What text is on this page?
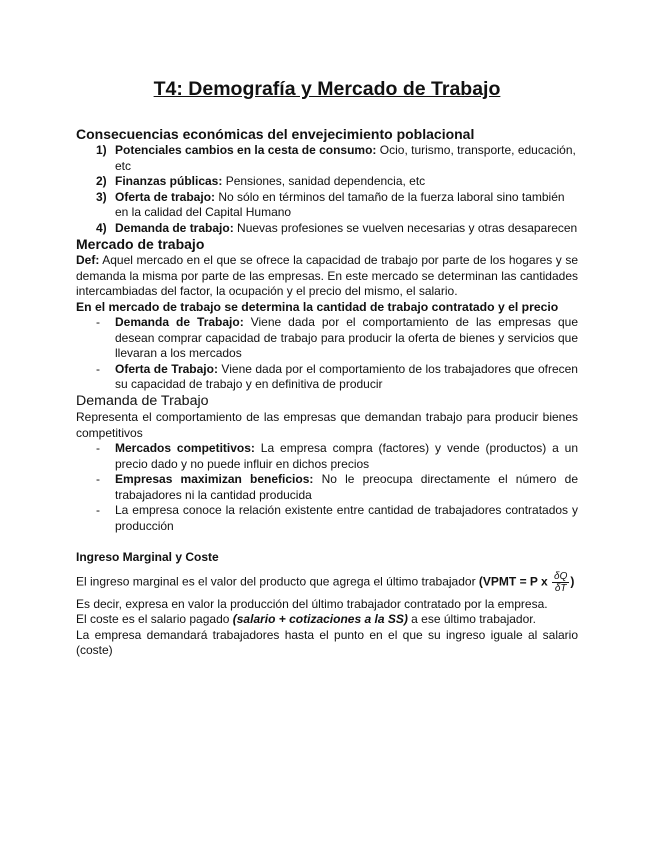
T4: Demografía y Mercado de Trabajo
Consecuencias económicas del envejecimiento poblacional
1) Potenciales cambios en la cesta de consumo: Ocio, turismo, transporte, educación, etc
2) Finanzas públicas: Pensiones, sanidad dependencia, etc
3) Oferta de trabajo: No sólo en términos del tamaño de la fuerza laboral sino también en la calidad del Capital Humano
4) Demanda de trabajo: Nuevas profesiones se vuelven necesarias y otras desaparecen
Mercado de trabajo

Def: Aquel mercado en el que se ofrece la capacidad de trabajo por parte de los hogares y se demanda la misma por parte de las empresas. En este mercado se determinan las cantidades intercambiadas del factor, la ocupación y el precio del mismo, el salario.

En el mercado de trabajo se determina la cantidad de trabajo contratado y el precio

- Demanda de Trabajo: Viene dada por el comportamiento de las empresas que desean comprar capacidad de trabajo para producir la oferta de bienes y servicios que llevaran a los mercados
- Oferta de Trabajo: Viene dada por el comportamiento de los trabajadores que ofrecen su capacidad de trabajo y en definitiva de producir
Demanda de Trabajo

Representa el comportamiento de las empresas que demandan trabajo para producir bienes competitivos

- Mercados competitivos: La empresa compra (factores) y vende (productos) a un precio dado y no puede influir en dichos precios
- Empresas maximizan beneficios: No le preocupa directamente el número de trabajadores ni la cantidad producida
- La empresa conoce la relación existente entre cantidad de trabajadores contratados y producción

Ingreso Marginal y Coste

El ingreso marginal es el valor del producto que agrega el último trabajador (VPMT = P x $\frac{\delta Q}{\delta T}$ )

Es decir, expresa en valor la producción del último trabajador contratado por la empresa.

El coste es el salario pagado (salario + cotizaciones a la SS) a ese último trabajador.

La empresa demandará trabajadores hasta el punto en el que su ingreso iguale al salario (coste)
